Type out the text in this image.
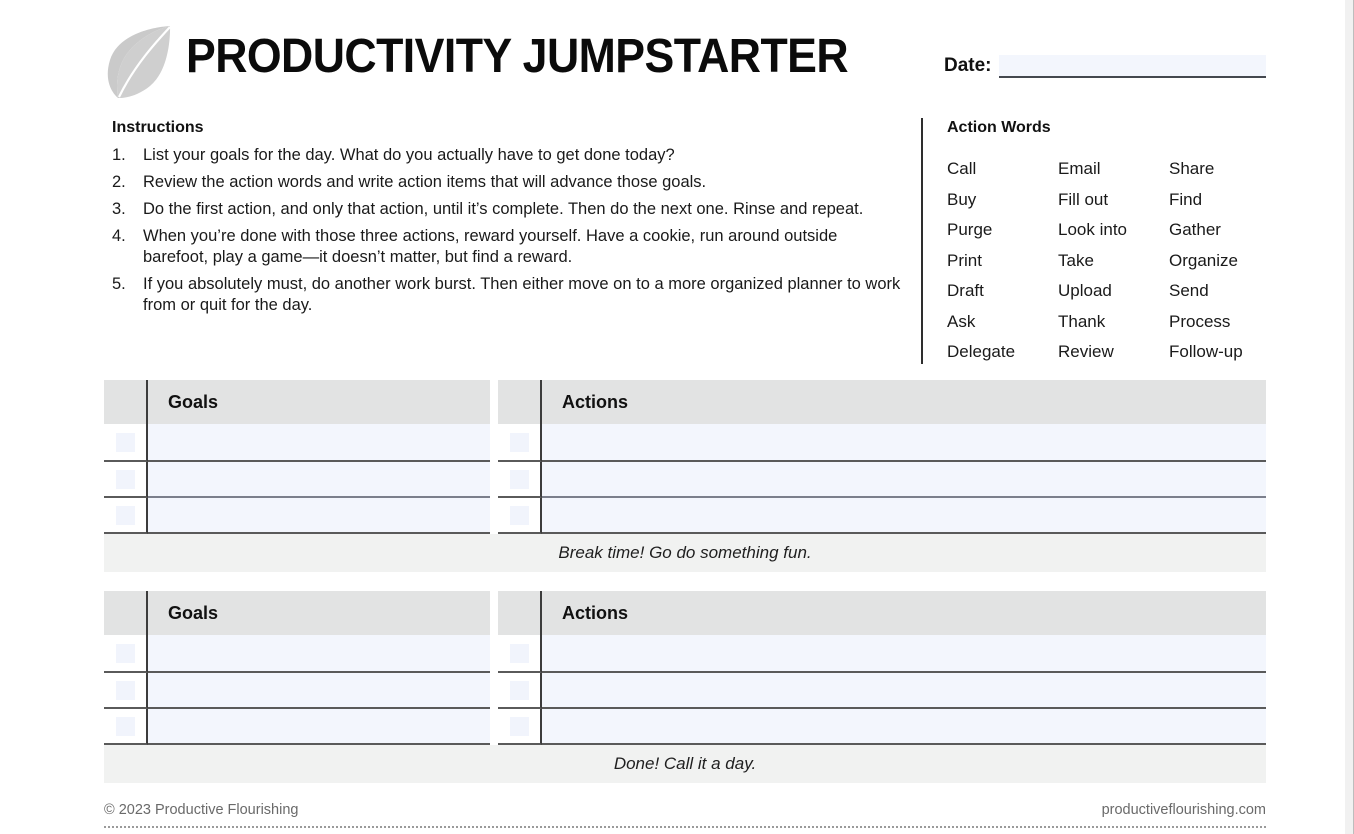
PRODUCTIVITY JUMPSTARTER	Date:
Instructions
1.	List your goals for the day. What do you actually have to get done today?
2.	Review the action words and write action items that will advance those goals.
3.	Do the first action, and only that action, until it’s complete. Then do the next one. Rinse and repeat.
4.	When you’re done with those three actions, reward yourself. Have a cookie, run around outside barefoot, play a game—it doesn’t matter, but find a reward.
5.	If you absolutely must, do another work burst. Then either move on to a more organized planner to work from or quit for the day.
Action Words
Call	Email	Share
Buy	Fill out	Find
Purge	Look into	Gather
Print	Take	Organize
Draft	Upload	Send
Ask	Thank	Process
Delegate	Review	Follow-up
Goals	Actions
Break time! Go do something fun.
Goals	Actions
Done! Call it a day.
© 2023 Productive Flourishing	productiveflourishing.com
